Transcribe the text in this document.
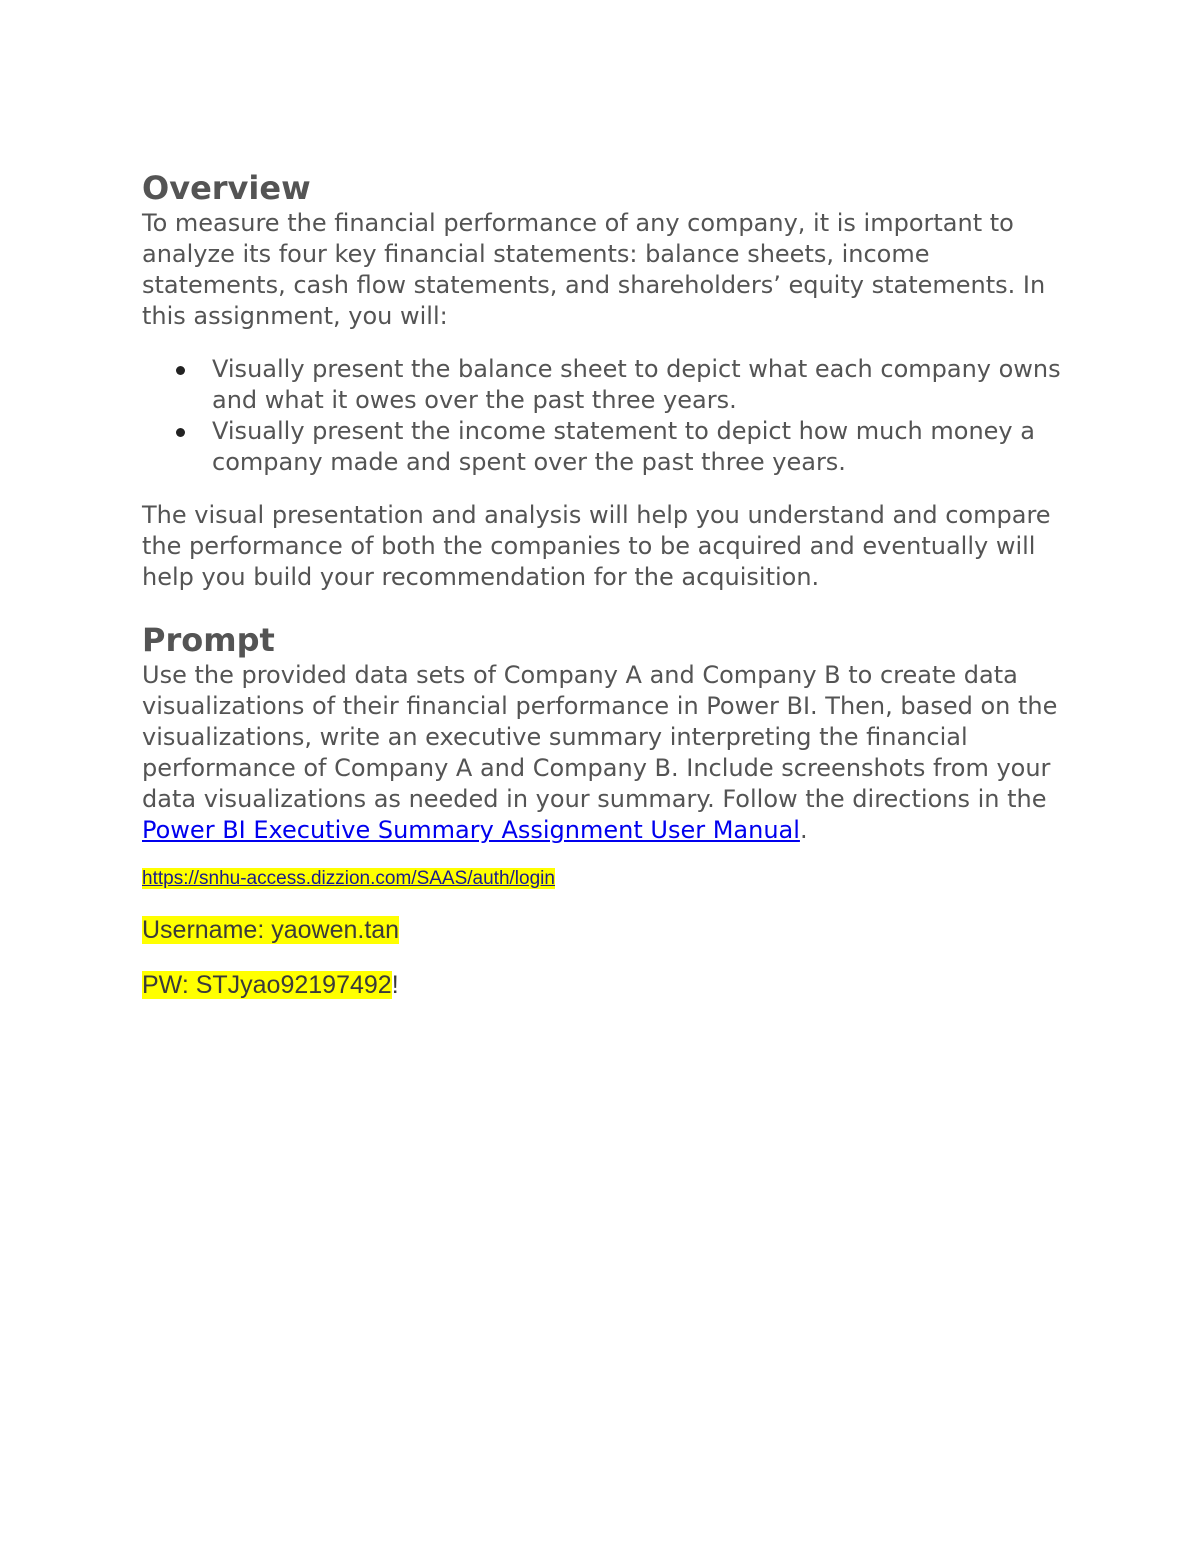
Overview

To measure the financial performance of any company, it is important to analyze its four key financial statements: balance sheets, income statements, cash flow statements, and shareholders’ equity statements. In this assignment, you will:

Visually present the balance sheet to depict what each company owns and what it owes over the past three years.
Visually present the income statement to depict how much money a company made and spent over the past three years.

The visual presentation and analysis will help you understand and compare the performance of both the companies to be acquired and eventually will help you build your recommendation for the acquisition.

Prompt

Use the provided data sets of Company A and Company B to create data visualizations of their financial performance in Power BI. Then, based on the visualizations, write an executive summary interpreting the financial performance of Company A and Company B. Include screenshots from your data visualizations as needed in your summary. Follow the directions in the Power BI Executive Summary Assignment User Manual.

https://snhu-access.dizzion.com/SAAS/auth/login

Username: yaowen.tan

PW: STJyao92197492!
